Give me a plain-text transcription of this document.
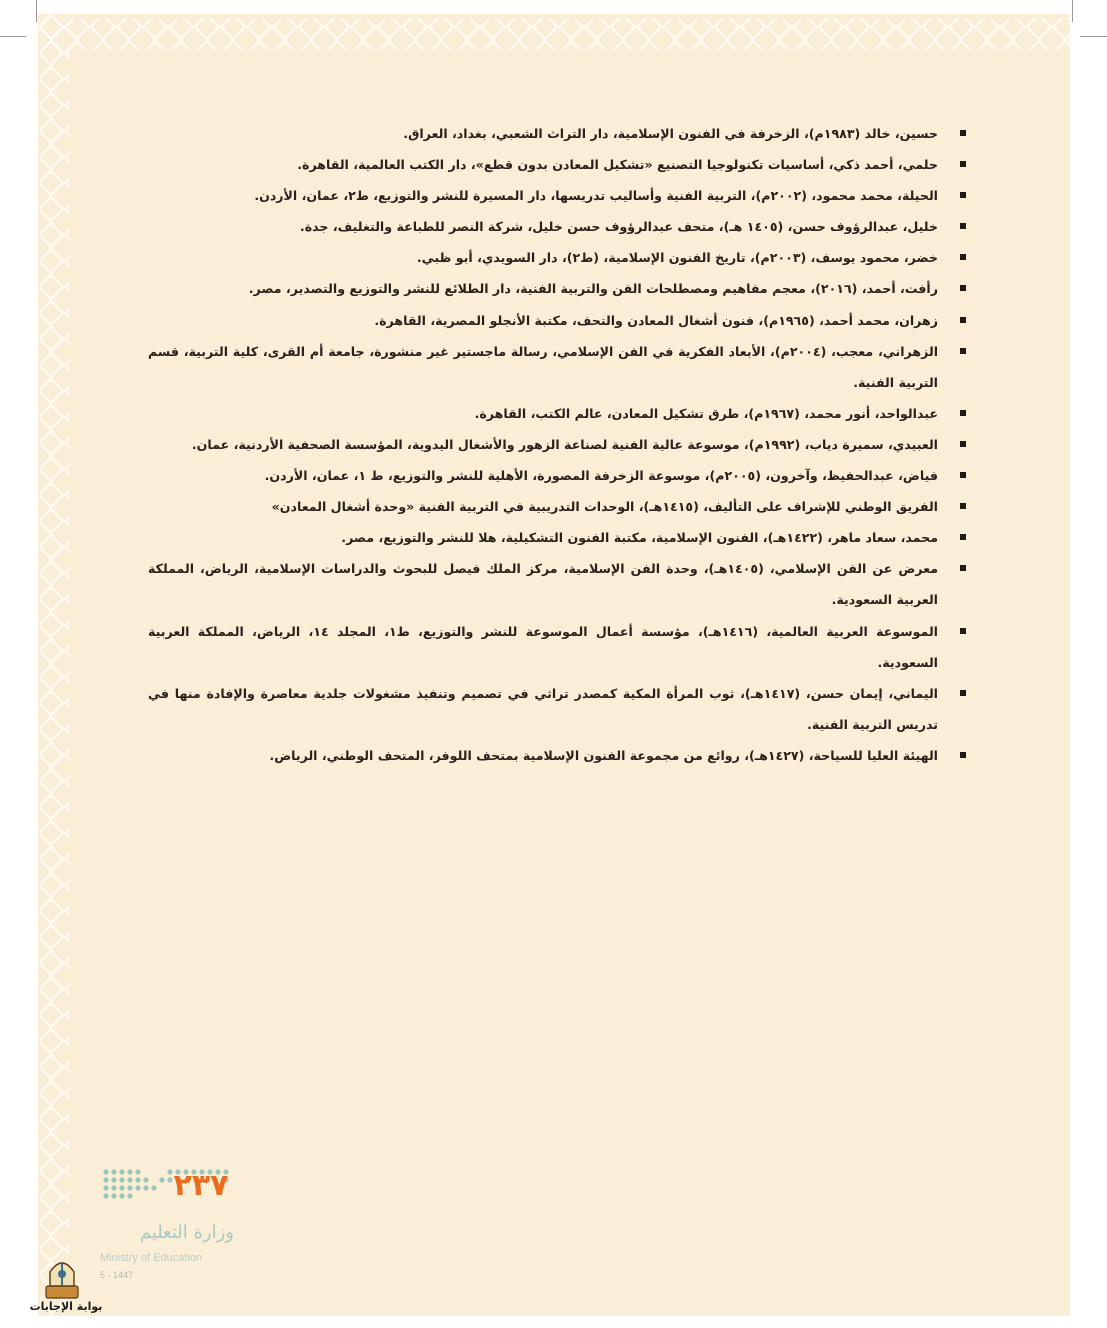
حسين، خالد (١٩٨٣م)، الزخرفة في الفنون الإسلامية، دار التراث الشعبي، بغداد، العراق.
حلمي، أحمد ذكي، أساسيات تكنولوجيا التصنيع «تشكيل المعادن بدون قطع»، دار الكتب العالمية، القاهرة.
الحيلة، محمد محمود، (٢٠٠٢م)، التربية الفنية وأساليب تدريسها، دار المسيرة للنشر والتوزيع، ط٢، عمان، الأردن.
خليل، عبدالرؤوف حسن، (١٤٠٥ هـ)، متحف عبدالرؤوف حسن خليل، شركة النصر للطباعة والتغليف، جدة.
خضر، محمود يوسف، (٢٠٠٣م)، تاريخ الفنون الإسلامية، (ط٢)، دار السويدي، أبو ظبي.
رأفت، أحمد، (٢٠١٦)، معجم مفاهيم ومصطلحات الفن والتربية الفنية، دار الطلائع للنشر والتوزيع والتصدير، مصر.
زهران، محمد أحمد، (١٩٦٥م)، فنون أشغال المعادن والتحف، مكتبة الأنجلو المصرية، القاهرة.
الزهراني، معجب، (٢٠٠٤م)، الأبعاد الفكرية في الفن الإسلامي، رسالة ماجستير غير منشورة، جامعة أم القرى، كلية التربية، قسم التربية الفنية.
عبدالواحد، أنور محمد، (١٩٦٧م)، طرق تشكيل المعادن، عالم الكتب، القاهرة.
العبيدي، سميرة دياب، (١٩٩٢م)، موسوعة عالية الفنية لصناعة الزهور والأشغال اليدوية، المؤسسة الصحفية الأردنية، عمان.
فياض، عبدالحفيظ، وآخرون، (٢٠٠٥م)، موسوعة الزخرفة المصورة، الأهلية للنشر والتوزيع، ط ١، عمان، الأردن.
الفريق الوطني للإشراف على التأليف، (١٤١٥هـ)، الوحدات التدريبية في التربية الفنية «وحدة أشغال المعادن»
محمد، سعاد ماهر، (١٤٢٢هـ)، الفنون الإسلامية، مكتبة الفنون التشكيلية، هلا للنشر والتوزيع، مصر.
معرض عن الفن الإسلامي، (١٤٠٥هـ)، وحدة الفن الإسلامية، مركز الملك فيصل للبحوث والدراسات الإسلامية، الرياض، المملكة العربية السعودية.
الموسوعة العربية العالمية، (١٤١٦هـ)، مؤسسة أعمال الموسوعة للنشر والتوزيع، ط١، المجلد ١٤، الرياض، المملكة العربية السعودية.
اليماني، إيمان حسن، (١٤١٧هـ)، ثوب المرأة المكية كمصدر تراثي في تصميم وتنفيذ مشغولات جلدية معاصرة والإفادة منها في تدريس التربية الفنية.
الهيئة العليا للسياحة، (١٤٢٧هـ)، روائع من مجموعة الفنون الإسلامية بمتحف اللوفر، المتحف الوطني، الرياض.
٢٣٧
وزارة التعليم
Ministry of Education
5 - 1447
بوابة الإجابات
